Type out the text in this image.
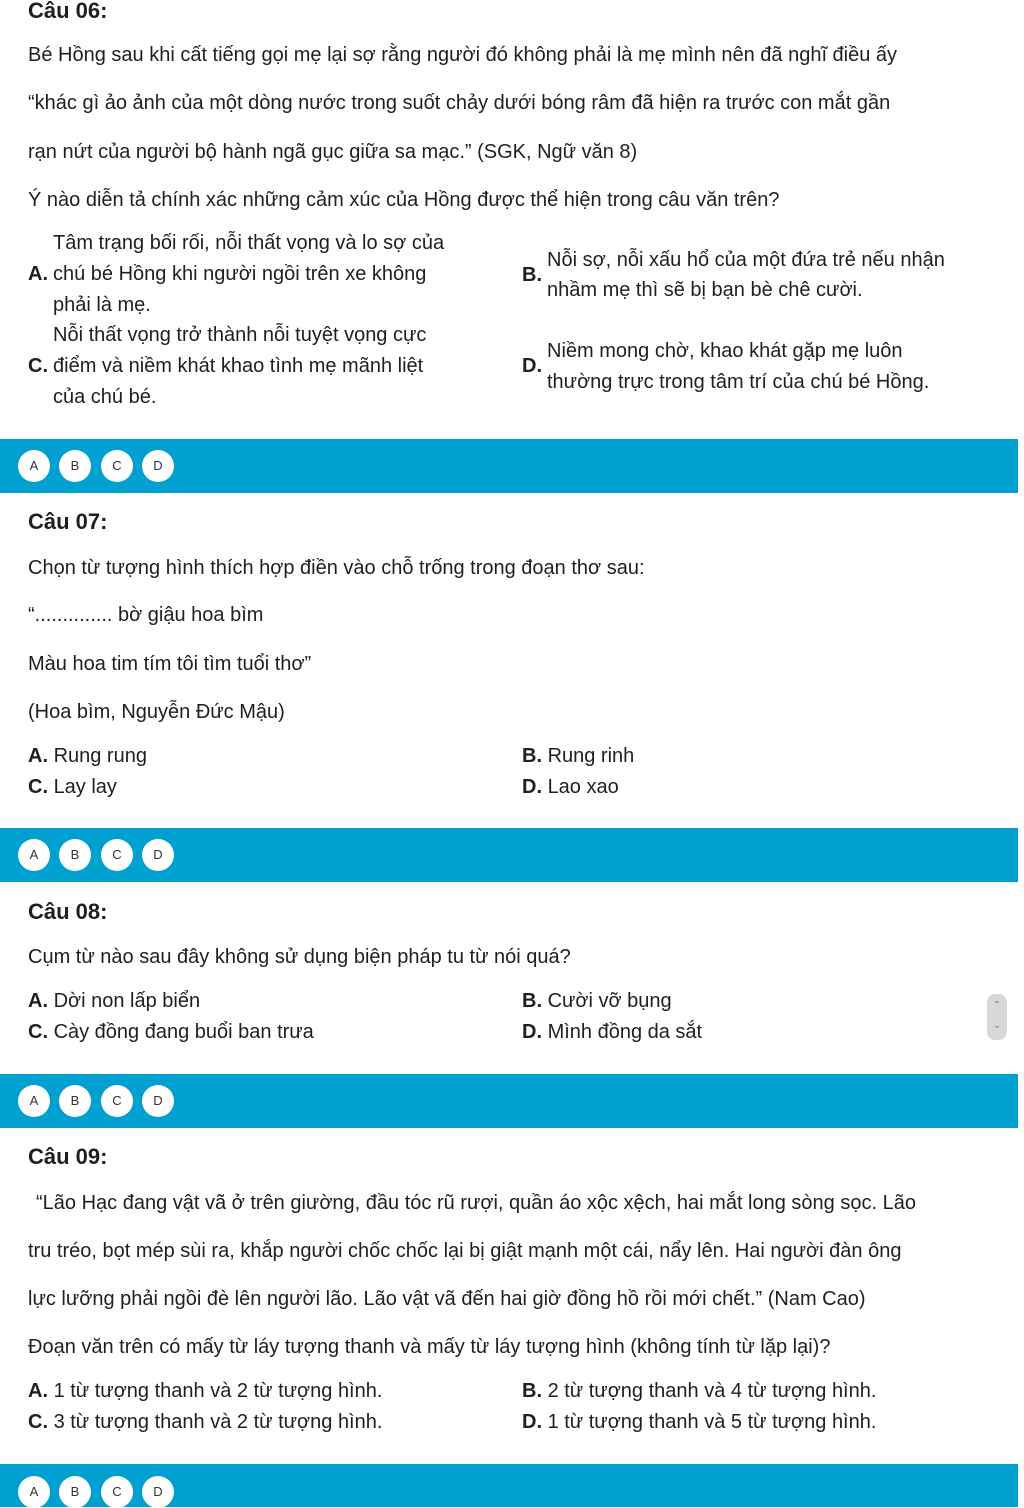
Câu 06:
Bé Hồng sau khi cất tiếng gọi mẹ lại sợ rằng người đó không phải là mẹ mình nên đã nghĩ điều ấy
“khác gì ảo ảnh của một dòng nước trong suốt chảy dưới bóng râm đã hiện ra trước con mắt gần
rạn nứt của người bộ hành ngã gục giữa sa mạc.” (SGK, Ngữ văn 8)
Ý nào diễn tả chính xác những cảm xúc của Hồng được thể hiện trong câu văn trên?
A.
Tâm trạng bối rối, nỗi thất vọng và lo sợ của
chú bé Hồng khi người ngồi trên xe không
phải là mẹ.
B.
Nỗi sợ, nỗi xấu hổ của một đứa trẻ nếu nhận
nhầm mẹ thì sẽ bị bạn bè chê cười.
C.
Nỗi thất vọng trở thành nỗi tuyệt vọng cực
điểm và niềm khát khao tình mẹ mãnh liệt
của chú bé.
D.
Niềm mong chờ, khao khát gặp mẹ luôn
thường trực trong tâm trí của chú bé Hồng.
A	B	C	D
Câu 07:
Chọn từ tượng hình thích hợp điền vào chỗ trống trong đoạn thơ sau:
“.............. bờ giậu hoa bìm
Màu hoa tim tím tôi tìm tuổi thơ”
(Hoa bìm, Nguyễn Đức Mậu)
A. Rung rung	B. Rung rinh
C. Lay lay	D. Lao xao
A	B	C	D
Câu 08:
Cụm từ nào sau đây không sử dụng biện pháp tu từ nói quá?
A. Dời non lấp biển	B. Cười vỡ bụng
C. Cày đồng đang buổi ban trưa	D. Mình đồng da sắt
⌃
⌄
A	B	C	D
Câu 09:
“Lão Hạc đang vật vã ở trên giường, đầu tóc rũ rượi, quần áo xộc xệch, hai mắt long sòng sọc. Lão
tru tréo, bọt mép sùi ra, khắp người chốc chốc lại bị giật mạnh một cái, nẩy lên. Hai người đàn ông
lực lưỡng phải ngồi đè lên người lão. Lão vật vã đến hai giờ đồng hồ rồi mới chết.” (Nam Cao)
Đoạn văn trên có mấy từ láy tượng thanh và mấy từ láy tượng hình (không tính từ lặp lại)?
A. 1 từ tượng thanh và 2 từ tượng hình.	B. 2 từ tượng thanh và 4 từ tượng hình.
C. 3 từ tượng thanh và 2 từ tượng hình.	D. 1 từ tượng thanh và 5 từ tượng hình.
A	B	C	D
